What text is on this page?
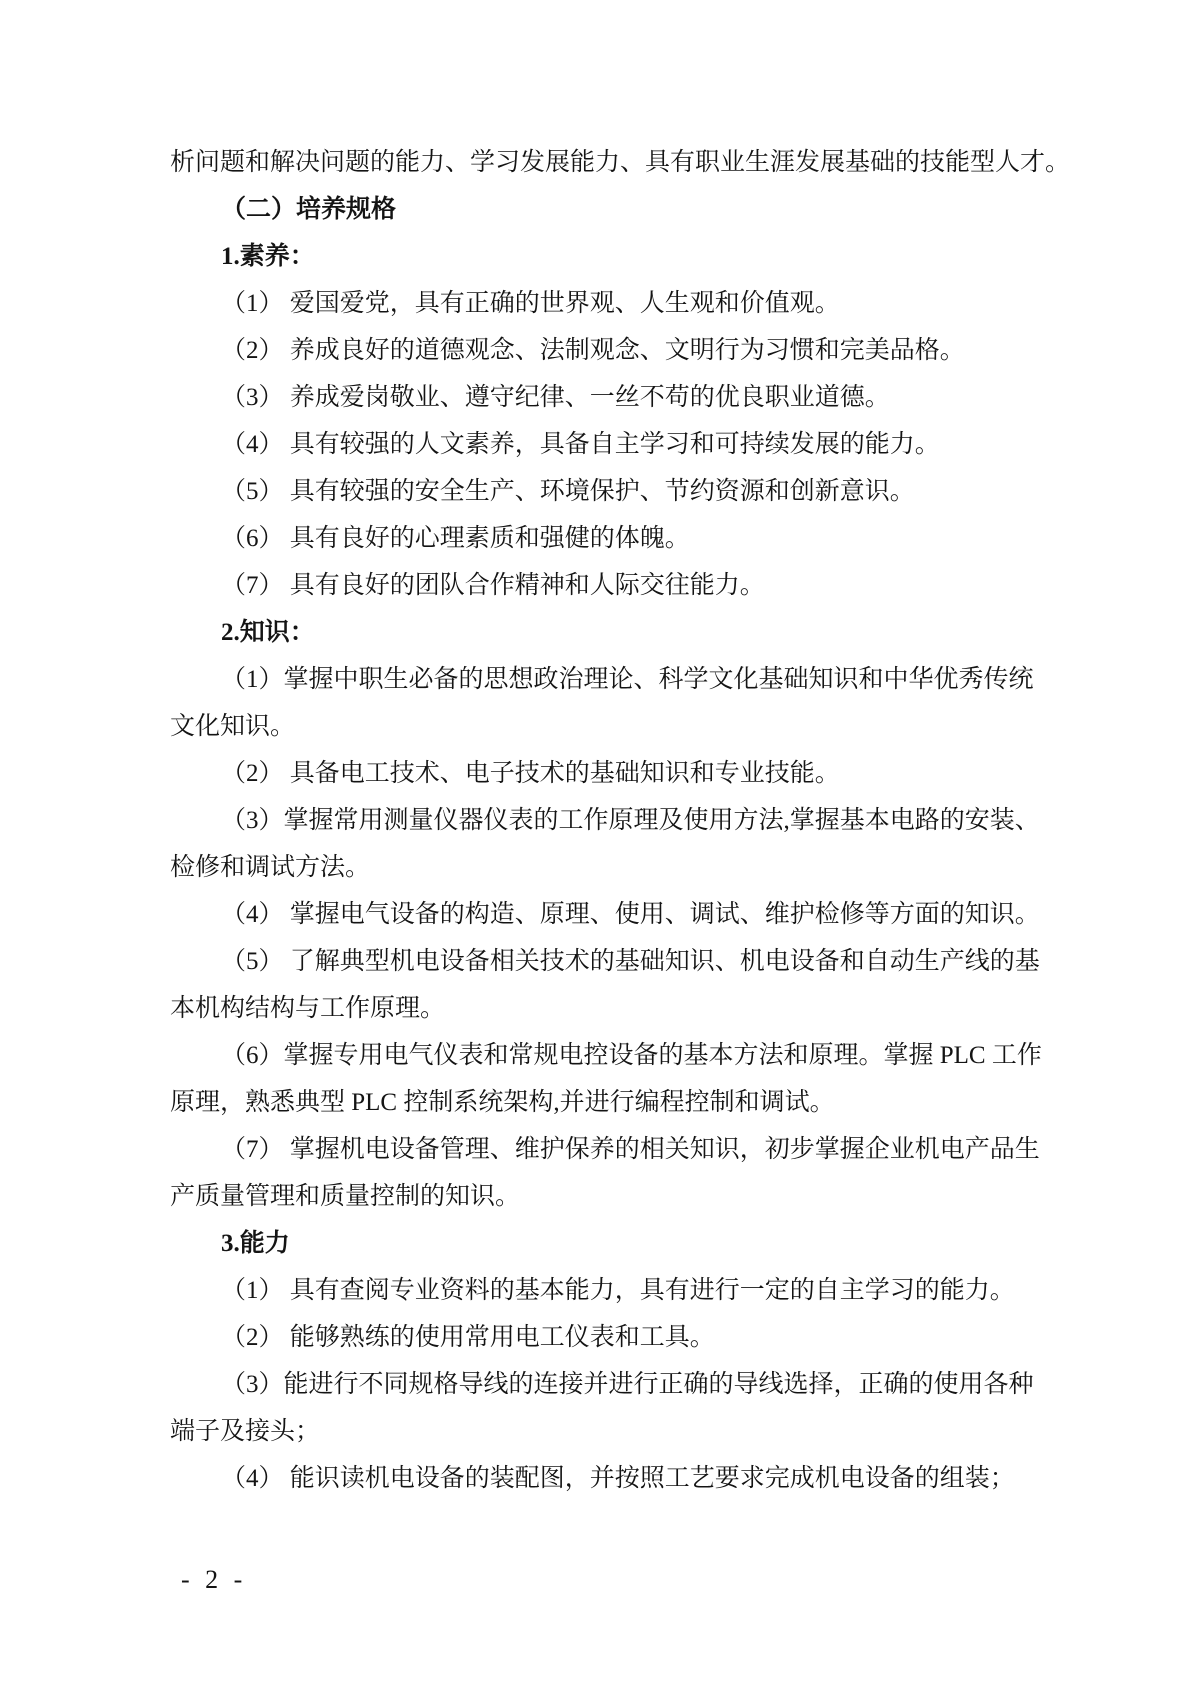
析问题和解决问题的能力、学习发展能力、具有职业生涯发展基础的技能型人才。
（二）培养规格
1.素养：
（1） 爱国爱党，具有正确的世界观、人生观和价值观。
（2） 养成良好的道德观念、法制观念、文明行为习惯和完美品格。
（3） 养成爱岗敬业、遵守纪律、一丝不苟的优良职业道德。
（4） 具有较强的人文素养，具备自主学习和可持续发展的能力。
（5） 具有较强的安全生产、环境保护、节约资源和创新意识。
（6） 具有良好的心理素质和强健的体魄。
（7） 具有良好的团队合作精神和人际交往能力。
2.知识：
（1）掌握中职生必备的思想政治理论、科学文化基础知识和中华优秀传统
文化知识。
（2） 具备电工技术、电子技术的基础知识和专业技能。
（3）掌握常用测量仪器仪表的工作原理及使用方法,掌握基本电路的安装、
检修和调试方法。
（4） 掌握电气设备的构造、原理、使用、调试、维护检修等方面的知识。
（5） 了解典型机电设备相关技术的基础知识、机电设备和自动生产线的基
本机构结构与工作原理。
（6）掌握专用电气仪表和常规电控设备的基本方法和原理。掌握 PLC 工作
原理，熟悉典型 PLC 控制系统架构,并进行编程控制和调试。
（7） 掌握机电设备管理、维护保养的相关知识，初步掌握企业机电产品生
产质量管理和质量控制的知识。
3.能力
（1） 具有查阅专业资料的基本能力，具有进行一定的自主学习的能力。
（2） 能够熟练的使用常用电工仪表和工具。
（3）能进行不同规格导线的连接并进行正确的导线选择，正确的使用各种
端子及接头；
（4） 能识读机电设备的装配图，并按照工艺要求完成机电设备的组装；
- 2 -
